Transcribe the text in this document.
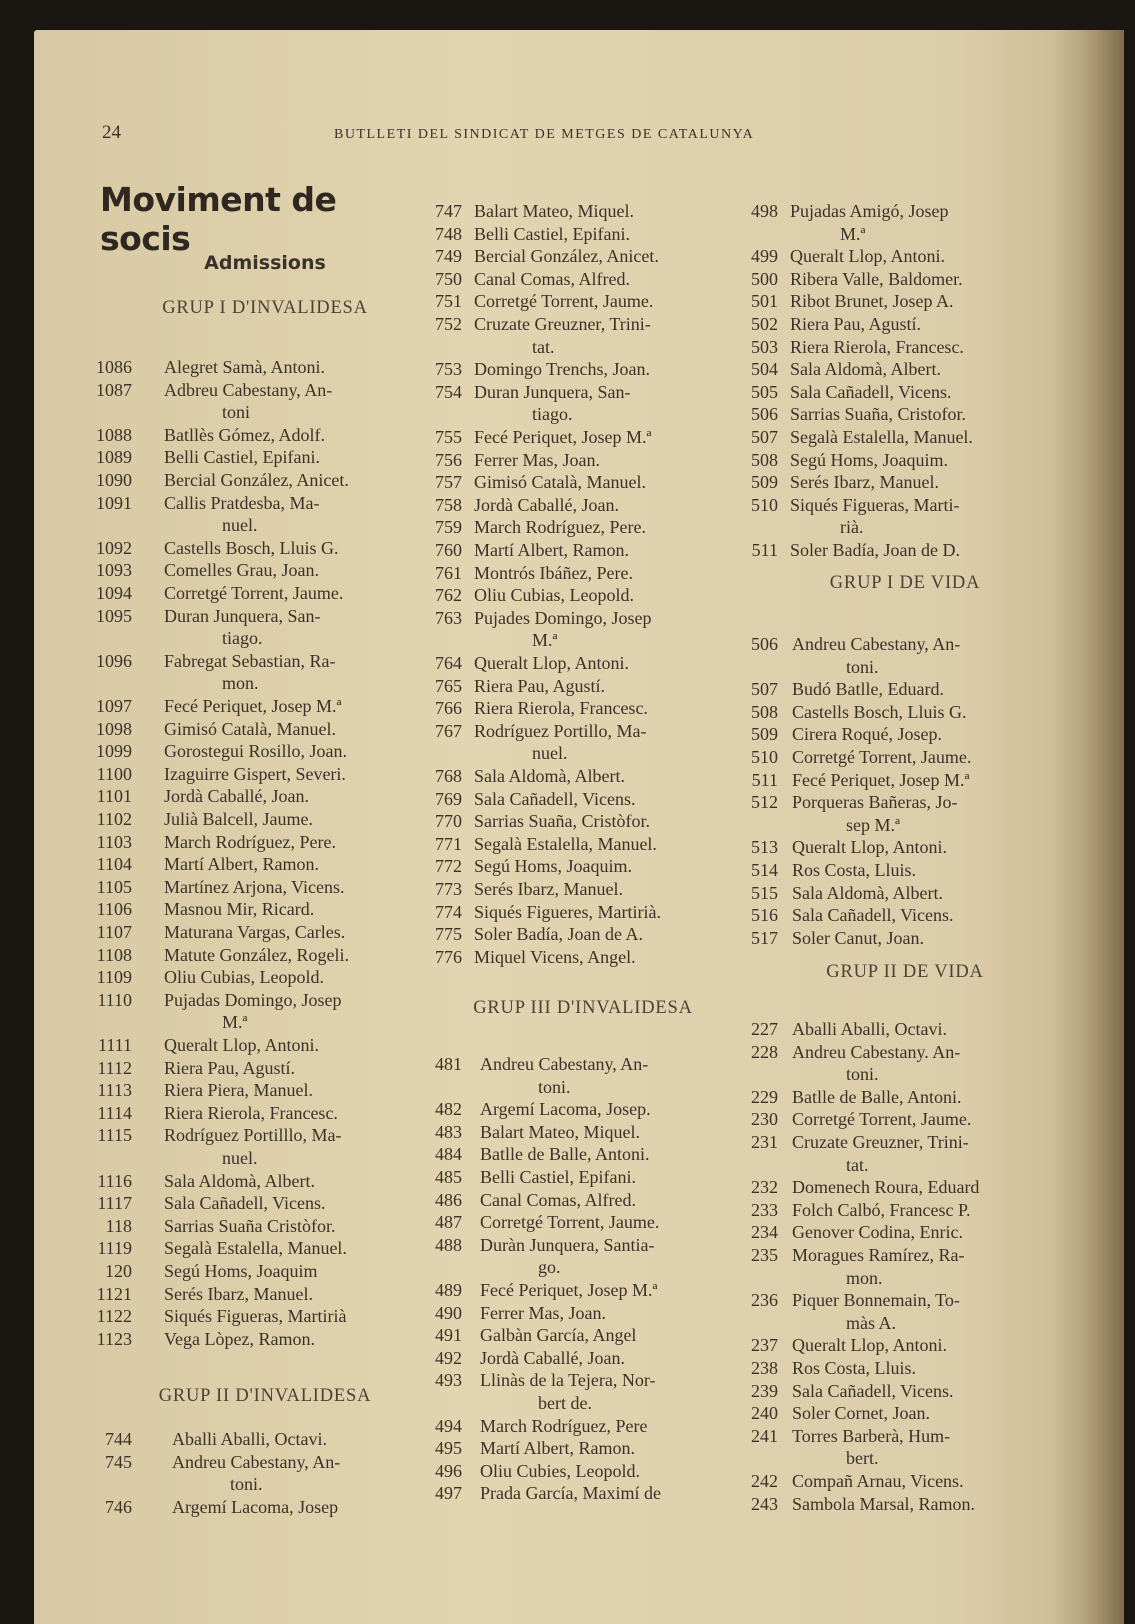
24	BUTLLETI DEL SINDICAT DE METGES DE CATALUNYA
Moviment de socis
Admissions
GRUP I D'INVALIDESA
GRUP II D'INVALIDESA
GRUP III D'INVALIDESA
GRUP I DE VIDA
GRUP II DE VIDA
1086 Alegret Samà, Antoni.
1087 Adbreu Cabestany, An-
toni
1088 Batllès Gómez, Adolf.
1089 Belli Castiel, Epifani.
1090 Bercial González, Anicet.
1091 Callis Pratdesba, Ma-
nuel.
1092 Castells Bosch, Lluis G.
1093 Comelles Grau, Joan.
1094 Corretgé Torrent, Jaume.
1095 Duran Junquera, San-
tiago.
1096 Fabregat Sebastian, Ra-
mon.
1097 Fecé Periquet, Josep M.ª
1098 Gimisó Català, Manuel.
1099 Gorostegui Rosillo, Joan.
1100 Izaguirre Gispert, Severi.
1101 Jordà Caballé, Joan.
1102 Julià Balcell, Jaume.
1103 March Rodríguez, Pere.
1104 Martí Albert, Ramon.
1105 Martínez Arjona, Vicens.
1106 Masnou Mir, Ricard.
1107 Maturana Vargas, Carles.
1108 Matute González, Rogeli.
1109 Oliu Cubias, Leopold.
1110 Pujadas Domingo, Josep
M.ª
1111 Queralt Llop, Antoni.
1112 Riera Pau, Agustí.
1113 Riera Piera, Manuel.
1114 Riera Rierola, Francesc.
1115 Rodríguez Portilllo, Ma-
nuel.
1116 Sala Aldomà, Albert.
1117 Sala Cañadell, Vicens.
118 Sarrias Suaña Cristòfor.
1119 Segalà Estalella, Manuel.
120 Segú Homs, Joaquim
1121 Serés Ibarz, Manuel.
1122 Siqués Figueras, Martirià
1123 Vega Lòpez, Ramon.
744 Aballi Aballi, Octavi.
745 Andreu Cabestany, An-
toni.
746 Argemí Lacoma, Josep
747 Balart Mateo, Miquel.
748 Belli Castiel, Epifani.
749 Bercial González, Anicet.
750 Canal Comas, Alfred.
751 Corretgé Torrent, Jaume.
752 Cruzate Greuzner, Trini-
tat.
753 Domingo Trenchs, Joan.
754 Duran Junquera, San-
tiago.
755 Fecé Periquet, Josep M.ª
756 Ferrer Mas, Joan.
757 Gimisó Català, Manuel.
758 Jordà Caballé, Joan.
759 March Rodríguez, Pere.
760 Martí Albert, Ramon.
761 Montrós Ibáñez, Pere.
762 Oliu Cubias, Leopold.
763 Pujades Domingo, Josep
M.ª
764 Queralt Llop, Antoni.
765 Riera Pau, Agustí.
766 Riera Rierola, Francesc.
767 Rodríguez Portillo, Ma-
nuel.
768 Sala Aldomà, Albert.
769 Sala Cañadell, Vicens.
770 Sarrias Suaña, Cristòfor.
771 Segalà Estalella, Manuel.
772 Segú Homs, Joaquim.
773 Serés Ibarz, Manuel.
774 Siqués Figueres, Martirià.
775 Soler Badía, Joan de A.
776 Miquel Vicens, Angel.
481 Andreu Cabestany, An-
toni.
482 Argemí Lacoma, Josep.
483 Balart Mateo, Miquel.
484 Batlle de Balle, Antoni.
485 Belli Castiel, Epifani.
486 Canal Comas, Alfred.
487 Corretgé Torrent, Jaume.
488 Duràn Junquera, Santia-
go.
489 Fecé Periquet, Josep M.ª
490 Ferrer Mas, Joan.
491 Galbàn García, Angel
492 Jordà Caballé, Joan.
493 Llinàs de la Tejera, Nor-
bert de.
494 March Rodríguez, Pere
495 Martí Albert, Ramon.
496 Oliu Cubies, Leopold.
497 Prada García, Maximí de
498 Pujadas Amigó, Josep
M.ª
499 Queralt Llop, Antoni.
500 Ribera Valle, Baldomer.
501 Ribot Brunet, Josep A.
502 Riera Pau, Agustí.
503 Riera Rierola, Francesc.
504 Sala Aldomà, Albert.
505 Sala Cañadell, Vicens.
506 Sarrias Suaña, Cristofor.
507 Segalà Estalella, Manuel.
508 Segú Homs, Joaquim.
509 Serés Ibarz, Manuel.
510 Siqués Figueras, Marti-
rià.
511 Soler Badía, Joan de D.
506 Andreu Cabestany, An-
toni.
507 Budó Batlle, Eduard.
508 Castells Bosch, Lluis G.
509 Cirera Roqué, Josep.
510 Corretgé Torrent, Jaume.
511 Fecé Periquet, Josep M.ª
512 Porqueras Bañeras, Jo-
sep M.ª
513 Queralt Llop, Antoni.
514 Ros Costa, Lluis.
515 Sala Aldomà, Albert.
516 Sala Cañadell, Vicens.
517 Soler Canut, Joan.
227 Aballi Aballi, Octavi.
228 Andreu Cabestany. An-
toni.
229 Batlle de Balle, Antoni.
230 Corretgé Torrent, Jaume.
231 Cruzate Greuzner, Trini-
tat.
232 Domenech Roura, Eduard
233 Folch Calbó, Francesc P.
234 Genover Codina, Enric.
235 Moragues Ramírez, Ra-
mon.
236 Piquer Bonnemain, To-
màs A.
237 Queralt Llop, Antoni.
238 Ros Costa, Lluis.
239 Sala Cañadell, Vicens.
240 Soler Cornet, Joan.
241 Torres Barberà, Hum-
bert.
242 Compañ Arnau, Vicens.
243 Sambola Marsal, Ramon.
